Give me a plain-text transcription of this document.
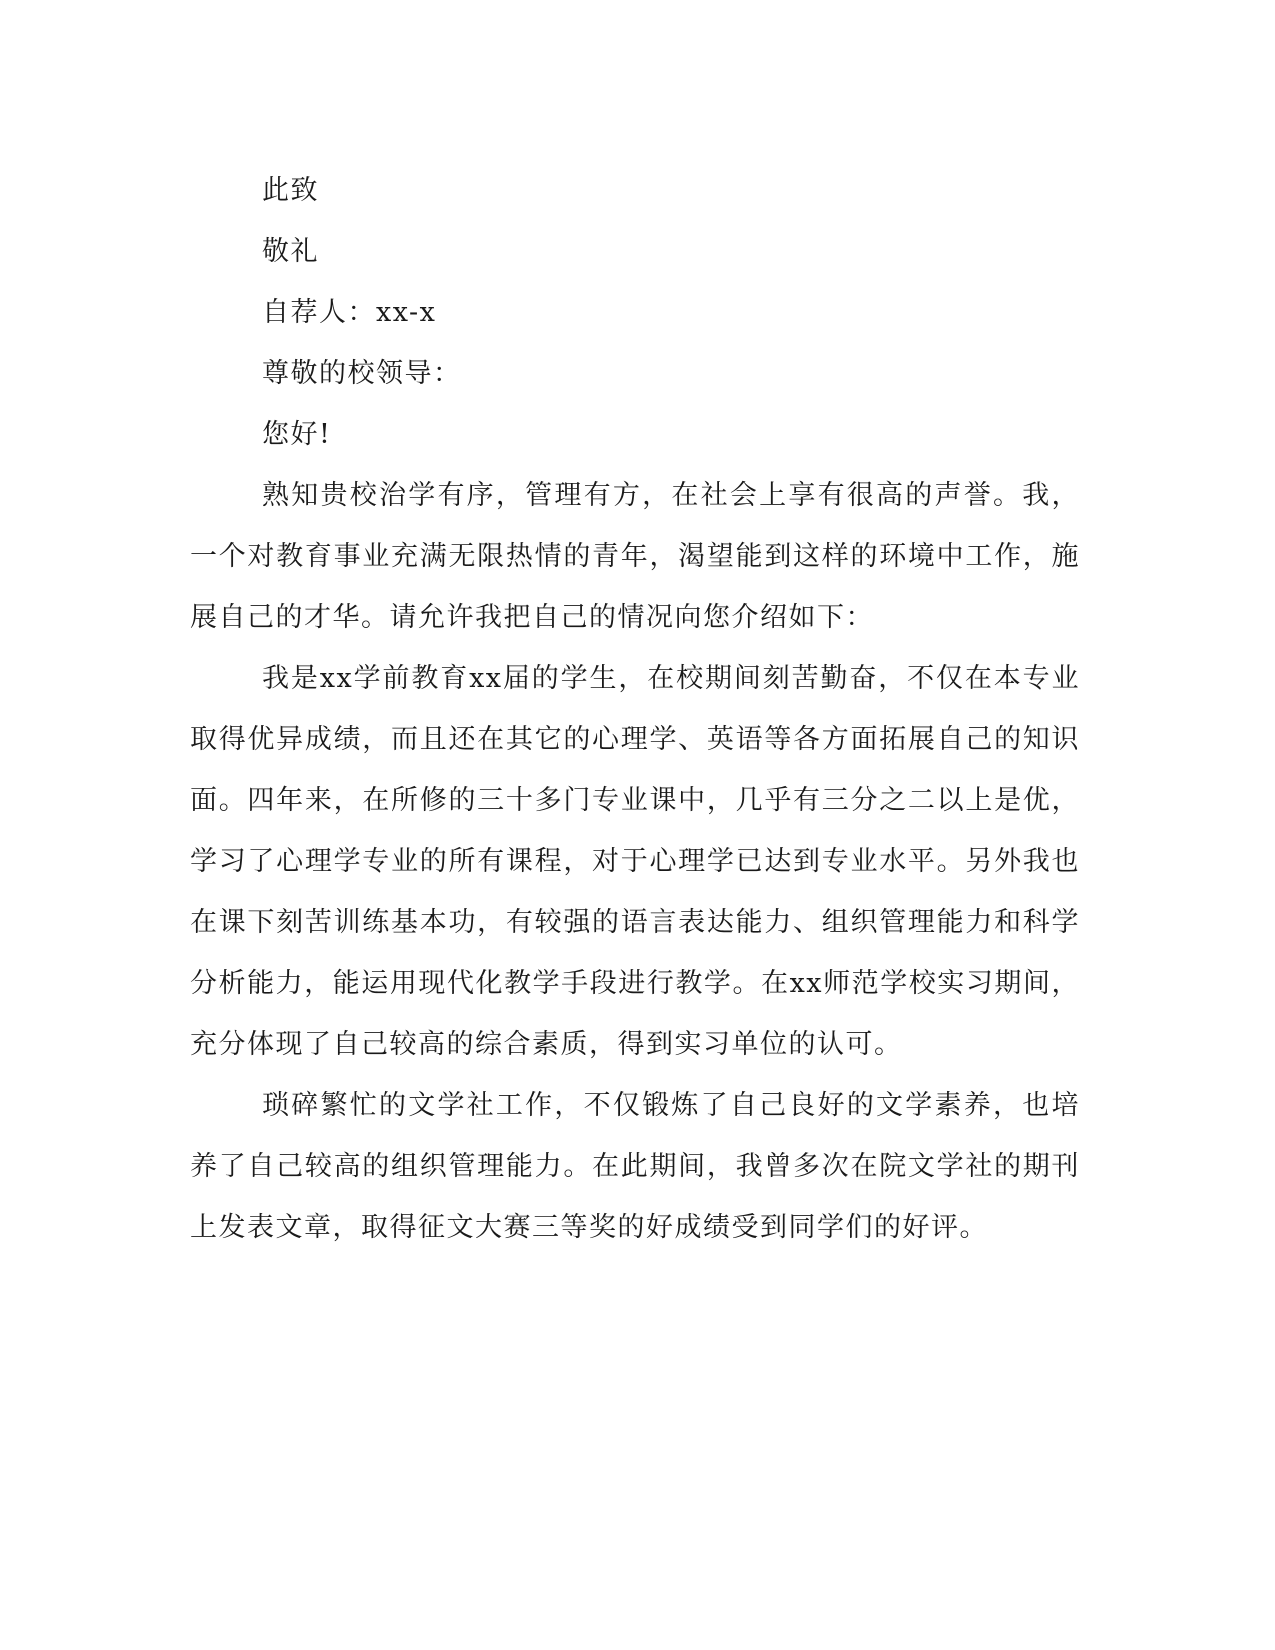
此致
敬礼
自荐人：xx-x
尊敬的校领导：
您好!

熟知贵校治学有序，管理有方，在社会上享有很高的声誉。我，一个对教育事业充满无限热情的青年，渴望能到这样的环境中工作，施展自己的才华。请允许我把自己的情况向您介绍如下：

我是xx学前教育xx届的学生，在校期间刻苦勤奋，不仅在本专业取得优异成绩，而且还在其它的心理学、英语等各方面拓展自己的知识面。四年来，在所修的三十多门专业课中，几乎有三分之二以上是优，学习了心理学专业的所有课程，对于心理学已达到专业水平。另外我也在课下刻苦训练基本功，有较强的语言表达能力、组织管理能力和科学分析能力，能运用现代化教学手段进行教学。在xx师范学校实习期间，充分体现了自己较高的综合素质，得到实习单位的认可。

琐碎繁忙的文学社工作，不仅锻炼了自己良好的文学素养，也培养了自己较高的组织管理能力。在此期间，我曾多次在院文学社的期刊上发表文章，取得征文大赛三等奖的好成绩受到同学们的好评。
